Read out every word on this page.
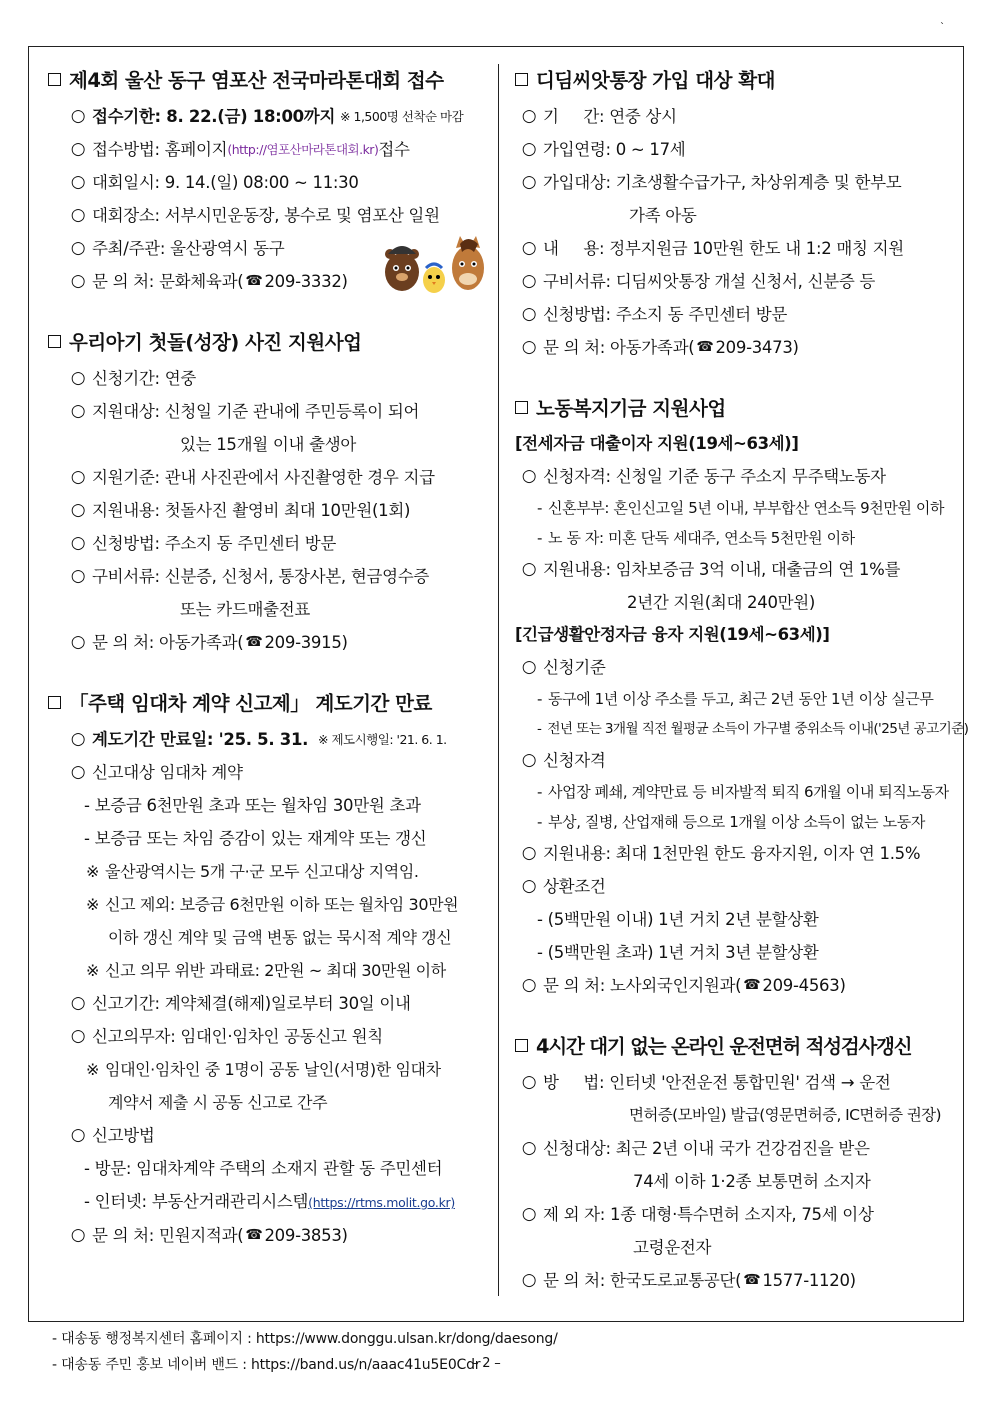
`
제4회 울산 동구 염포산 전국마라톤대회 접수
○ 접수기한: 8. 22.(금) 18:00까지
※ 1,500명 선착순 마감
○ 접수방법: 홈페이지 (http://염포산마라톤대회.kr) 접수
○ 대회일시: 9. 14.(일) 08:00 ~ 11:30
○ 대회장소: 서부시민운동장, 봉수로 및 염포산 일원
○ 주최/주관: 울산광역시 동구
○ 문 의 처: 문화체육과( ☎ 209-3332)
우리아기 첫돌(성장) 사진 지원사업
○ 신청기간: 연중
○ 지원대상: 신청일 기준 관내에 주민등록이 되어
있는 15개월 이내 출생아
○ 지원기준: 관내 사진관에서 사진촬영한 경우 지급
○ 지원내용: 첫돌사진 촬영비 최대 10만원(1회)
○ 신청방법: 주소지 동 주민센터 방문
○ 구비서류: 신분증, 신청서, 통장사본, 현금영수증
또는 카드매출전표
○ 문 의 처: 아동가족과( ☎ 209-3915)
「주택 임대차 계약 신고제」 계도기간 만료
○ 계도기간 만료일: '25. 5. 31.
※ 제도시행일: '21. 6. 1.
○ 신고대상 임대차 계약
- 보증금 6천만원 초과 또는 월차임 30만원 초과
- 보증금 또는 차임 증감이 있는 재계약 또는 갱신
※ 울산광역시는 5개 구·군 모두 신고대상 지역임.
※ 신고 제외: 보증금 6천만원 이하 또는 월차임 30만원
이하 갱신 계약 및 금액 변동 없는 묵시적 계약 갱신
※ 신고 의무 위반 과태료: 2만원 ~ 최대 30만원 이하
○ 신고기간: 계약체결(해제)일로부터 30일 이내
○ 신고의무자: 임대인·임차인 공동신고 원칙
※ 임대인·임차인 중 1명이 공동 날인(서명)한 임대차
계약서 제출 시 공동 신고로 간주
○ 신고방법
- 방문: 임대차계약 주택의 소재지 관할 동 주민센터
- 인터넷: 부동산거래관리시스템(https://rtms.molit.go.kr)
○ 문 의 처: 민원지적과( ☎ 209-3853)
디딤씨앗통장 가입 대상 확대
○ 기     간: 연중 상시
○ 가입연령: 0 ~ 17세
○ 가입대상: 기초생활수급가구, 차상위계층 및 한부모
가족 아동
○ 내     용: 정부지원금 10만원 한도 내 1:2 매칭 지원
○ 구비서류: 디딤씨앗통장 개설 신청서, 신분증 등
○ 신청방법: 주소지 동 주민센터 방문
○ 문 의 처: 아동가족과( ☎ 209-3473)
노동복지기금 지원사업
[전세자금 대출이자 지원(19세~63세)]
○ 신청자격: 신청일 기준 동구 주소지 무주택노동자
- 신혼부부: 혼인신고일 5년 이내, 부부합산 연소득 9천만원 이하
- 노 동 자: 미혼 단독 세대주, 연소득 5천만원 이하
○ 지원내용: 임차보증금 3억 이내, 대출금의 연 1%를
2년간 지원(최대 240만원)
[긴급생활안정자금 융자 지원(19세~63세)]
○ 신청기준
- 동구에 1년 이상 주소를 두고, 최근 2년 동안 1년 이상 실근무
- 전년 또는 3개월 직전 월평균 소득이 가구별 중위소득 이내('25년 공고기준)
○ 신청자격
- 사업장 폐쇄, 계약만료 등 비자발적 퇴직 6개월 이내 퇴직노동자
- 부상, 질병, 산업재해 등으로 1개월 이상 소득이 없는 노동자
○ 지원내용: 최대 1천만원 한도 융자지원, 이자 연 1.5%
○ 상환조건
- (5백만원 이내) 1년 거치 2년 분할상환
- (5백만원 초과) 1년 거치 3년 분할상환
○ 문 의 처: 노사외국인지원과( ☎ 209-4563)
4시간 대기 없는 온라인 운전면허 적성검사갱신
○ 방     법: 인터넷 '안전운전 통합민원' 검색 → 운전
면허증(모바일) 발급(영문면허증, IC면허증 권장)
○ 신청대상: 최근 2년 이내 국가 건강검진을 받은
74세 이하 1·2종 보통면허 소지자
○ 제 외 자: 1종 대형·특수면허 소지자, 75세 이상
고령운전자
○ 문 의 처: 한국도로교통공단( ☎ 1577-1120)
- 대송동 행정복지센터 홈페이지 : https://www.donggu.ulsan.kr/dong/daesong/
- 대송동 주민 홍보 네이버 밴드 : https://band.us/n/aaac41u5E0Cdr
– 2 –
